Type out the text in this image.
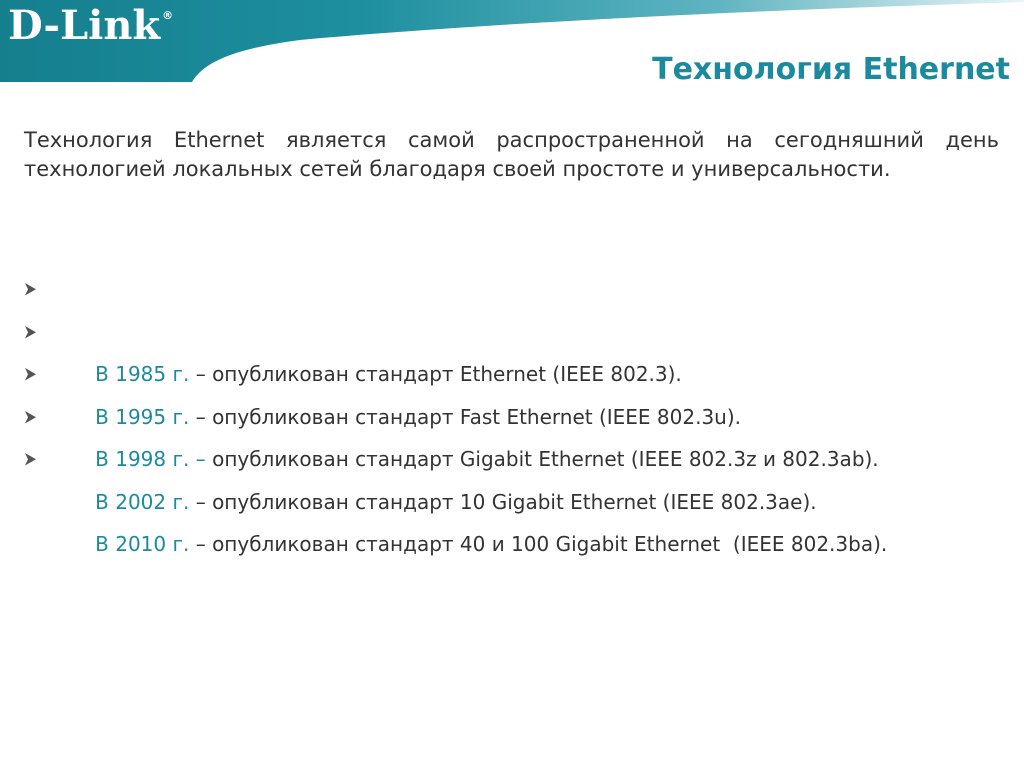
D-Link ®
Технология Ethernet
Технология Ethernet является самой распространенной на сегодняшний день технологией локальных сетей благодаря своей простоте и универсальности.

В 1985 г. – опубликован стандарт Ethernet (IEEE 802.3).

В 1995 г. – опубликован стандарт Fast Ethernet (IEEE 802.3u).

В 1998 г. – опубликован стандарт Gigabit Ethernet (IEEE 802.3z и 802.3ab).

В 2002 г. – опубликован стандарт 10 Gigabit Ethernet (IEEE 802.3ae).

В 2010 г. – опубликован стандарт 40 и 100 Gigabit Ethernet  (IEEE 802.3ba).
